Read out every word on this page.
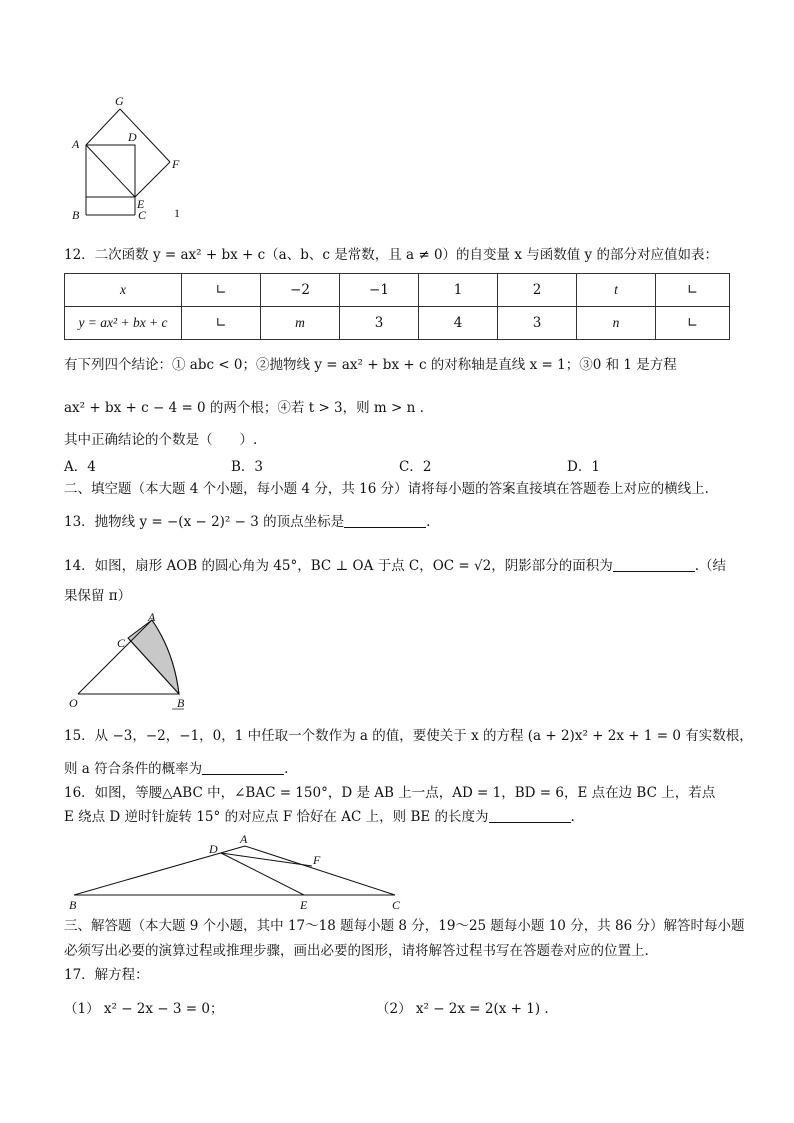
G
A	D
F
E
B	C 1
12．二次函数 y = ax² + bx + c（a、b、c 是常数，且 a ≠ 0）的自变量 x 与函数值 y 的部分对应值如表：
x	∟	−2	−1	1	2	t	∟
y = ax² + bx + c	∟	m	3	4	3	n	∟
有下列四个结论：① abc < 0；②抛物线 y = ax² + bx + c 的对称轴是直线 x = 1；③0 和 1 是方程
ax² + bx + c − 4 = 0 的两个根；④若 t > 3，则 m > n .
其中正确结论的个数是（　　）.
A．4	B．3	C．2	D．1
二、填空题（本大题 4 个小题，每小题 4 分，共 16 分）请将每小题的答案直接填在答题卷上对应的横线上.
13．抛物线 y = −(x − 2)² − 3 的顶点坐标是	.
14．如图，扇形 AOB 的圆心角为 45°，BC ⊥ OA 于点 C，OC = √2，阴影部分的面积为	.（结
果保留 π）
A
C
O	B
15．从 −3，−2，−1，0，1 中任取一个数作为 a 的值，要使关于 x 的方程 (a + 2)x² + 2x + 1 = 0 有实数根，
则 a 符合条件的概率为	.
16．如图，等腰△ABC 中，∠BAC = 150°，D 是 AB 上一点，AD = 1，BD = 6，E 点在边 BC 上，若点
E 绕点 D 逆时针旋转 15° 的对应点 F 恰好在 AC 上，则 BE 的长度为	.
D
A
F
B	E	C
三、解答题（本大题 9 个小题，其中 17～18 题每小题 8 分，19～25 题每小题 10 分，共 86 分）解答时每小题
必须写出必要的演算过程或推理步骤，画出必要的图形，请将解答过程书写在答题卷对应的位置上.
17．解方程：
（1） x² − 2x − 3 = 0；	（2） x² − 2x = 2(x + 1) .
